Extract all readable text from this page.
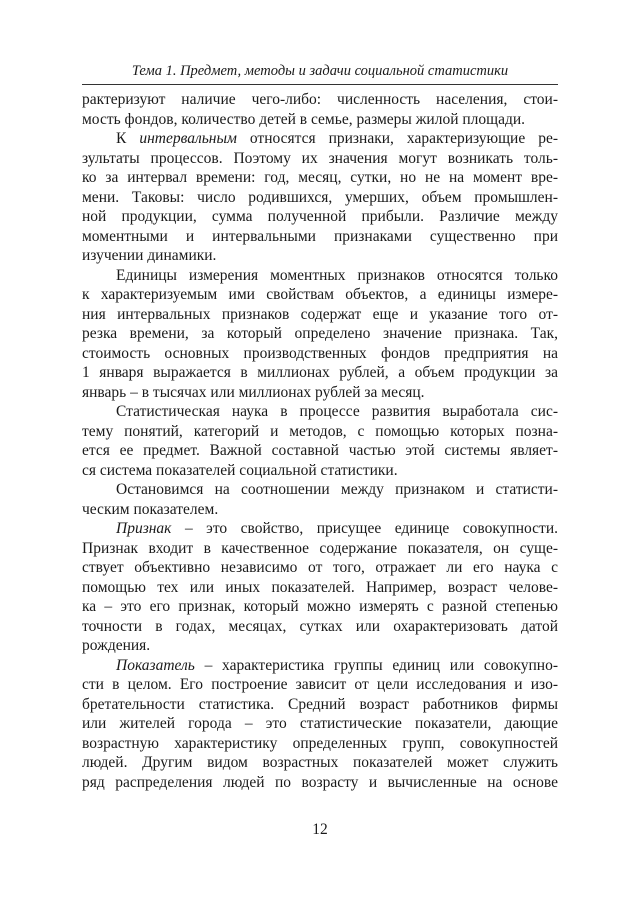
Тема 1. Предмет, методы и задачи социальной статистики
рактеризуют наличие чего-либо: численность населения, стои-
мость фондов, количество детей в семье, размеры жилой площади.
К интервальным относятся признаки, характеризующие ре-
зультаты процессов. Поэтому их значения могут возникать толь-
ко за интервал времени: год, месяц, сутки, но не на момент вре-
мени. Таковы: число родившихся, умерших, объем промышлен-
ной продукции, сумма полученной прибыли. Различие между
моментными и интервальными признаками существенно при
изучении динамики.
Единицы измерения моментных признаков относятся только
к характеризуемым ими свойствам объектов, а единицы измере-
ния интервальных признаков содержат еще и указание того от-
резка времени, за который определено значение признака. Так,
стоимость основных производственных фондов предприятия на
1 января выражается в миллионах рублей, а объем продукции за
январь – в тысячах или миллионах рублей за месяц.
Статистическая наука в процессе развития выработала сис-
тему понятий, категорий и методов, с помощью которых позна-
ется ее предмет. Важной составной частью этой системы являет-
ся система показателей социальной статистики.
Остановимся на соотношении между признаком и статисти-
ческим показателем.
Признак – это свойство, присущее единице совокупности.
Признак входит в качественное содержание показателя, он суще-
ствует объективно независимо от того, отражает ли его наука с
помощью тех или иных показателей. Например, возраст челове-
ка – это его признак, который можно измерять с разной степенью
точности в годах, месяцах, сутках или охарактеризовать датой
рождения.
Показатель – характеристика группы единиц или совокупно-
сти в целом. Его построение зависит от цели исследования и изо-
бретательности статистика. Средний возраст работников фирмы
или жителей города – это статистические показатели, дающие
возрастную характеристику определенных групп, совокупностей
людей. Другим видом возрастных показателей может служить
ряд распределения людей по возрасту и вычисленные на основе
12
